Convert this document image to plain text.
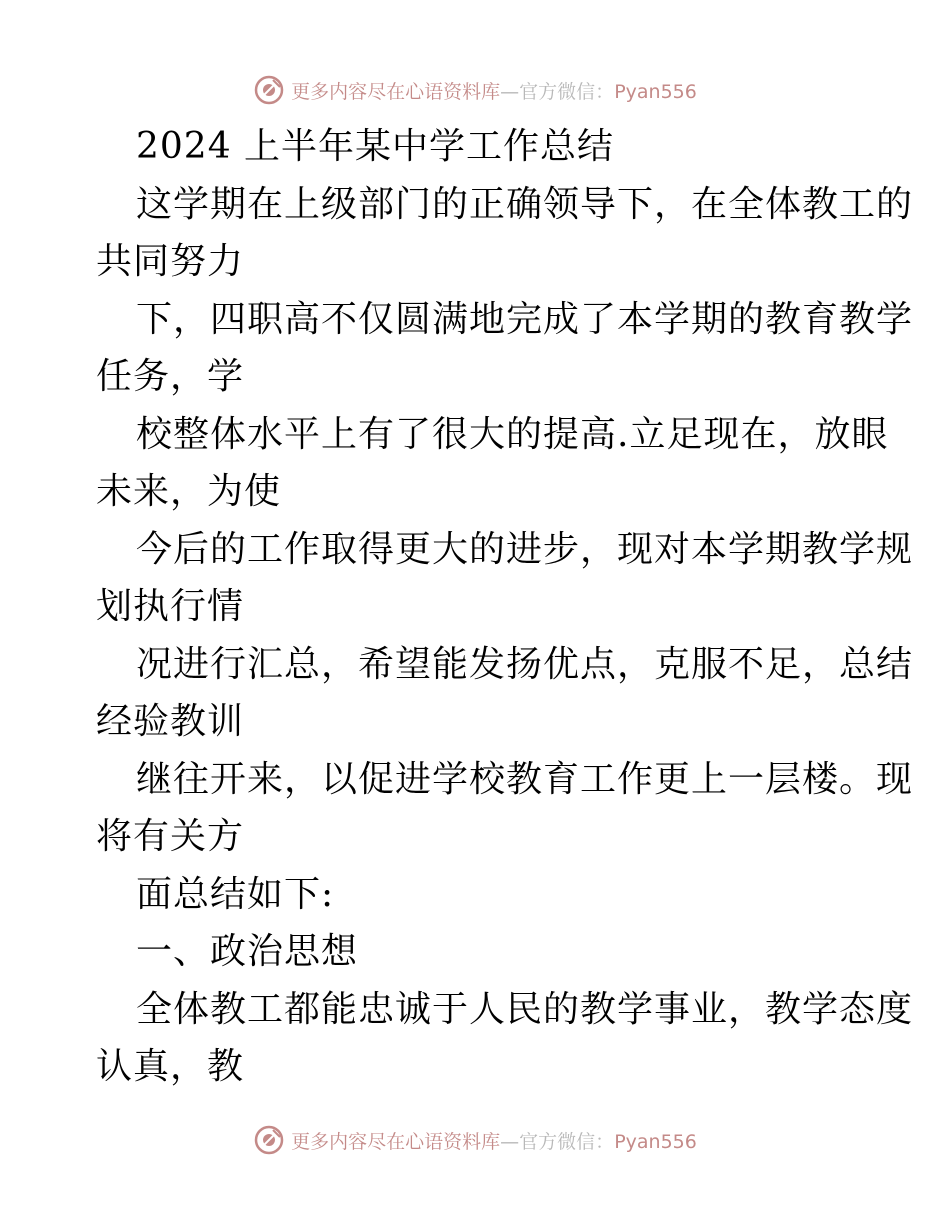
更多内容尽在心语资料库—官方微信：Pyan556
2024 上半年某中学工作总结
这学期在上级部门的正确领导下，在全体教工的
共同努力
下，四职高不仅圆满地完成了本学期的教育教学
任务，学
校整体水平上有了很大的提高.立足现在，放眼
未来，为使
今后的工作取得更大的进步，现对本学期教学规
划执行情
况进行汇总，希望能发扬优点，克服不足，总结
经验教训
继往开来，以促进学校教育工作更上一层楼。现
将有关方
面总结如下:
一、政治思想
全体教工都能忠诚于人民的教学事业，教学态度
认真，教
更多内容尽在心语资料库—官方微信：Pyan556
